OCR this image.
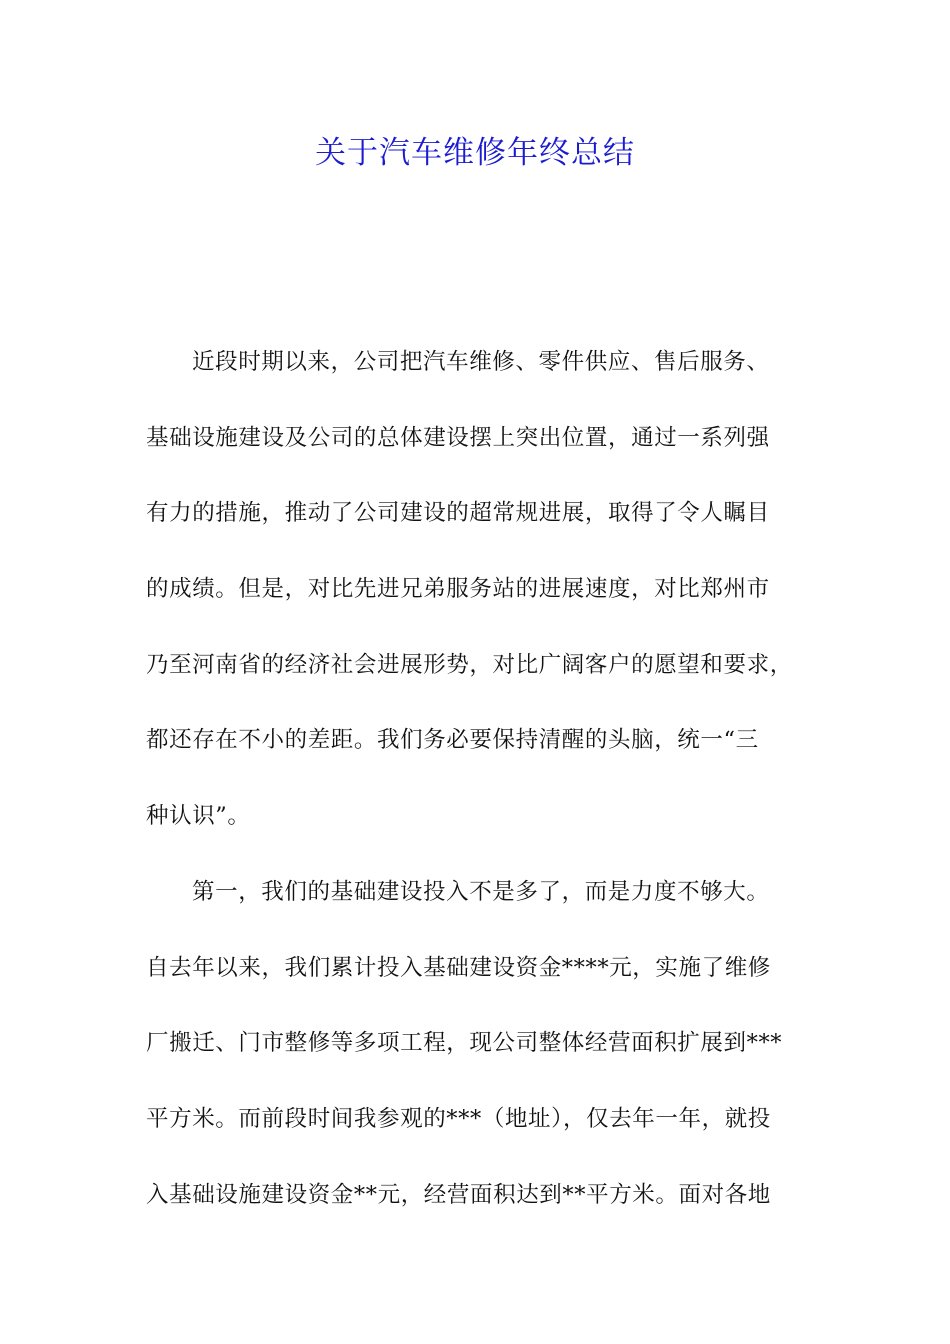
关于汽车维修年终总结
近段时期以来，公司把汽车维修、零件供应、售后服务、
基础设施建设及公司的总体建设摆上突出位置，通过一系列强
有力的措施，推动了公司建设的超常规进展，取得了令人瞩目
的成绩。但是，对比先进兄弟服务站的进展速度，对比郑州市
乃至河南省的经济社会进展形势，对比广阔客户的愿望和要求，
都还存在不小的差距。我们务必要保持清醒的头脑，统一“三
种认识”。
第一，我们的基础建设投入不是多了，而是力度不够大。
自去年以来，我们累计投入基础建设资金****元，实施了维修
厂搬迁、门市整修等多项工程，现公司整体经营面积扩展到***
平方米。而前段时间我参观的***（地址），仅去年一年，就投
入基础设施建设资金**元，经营面积达到**平方米。面对各地
